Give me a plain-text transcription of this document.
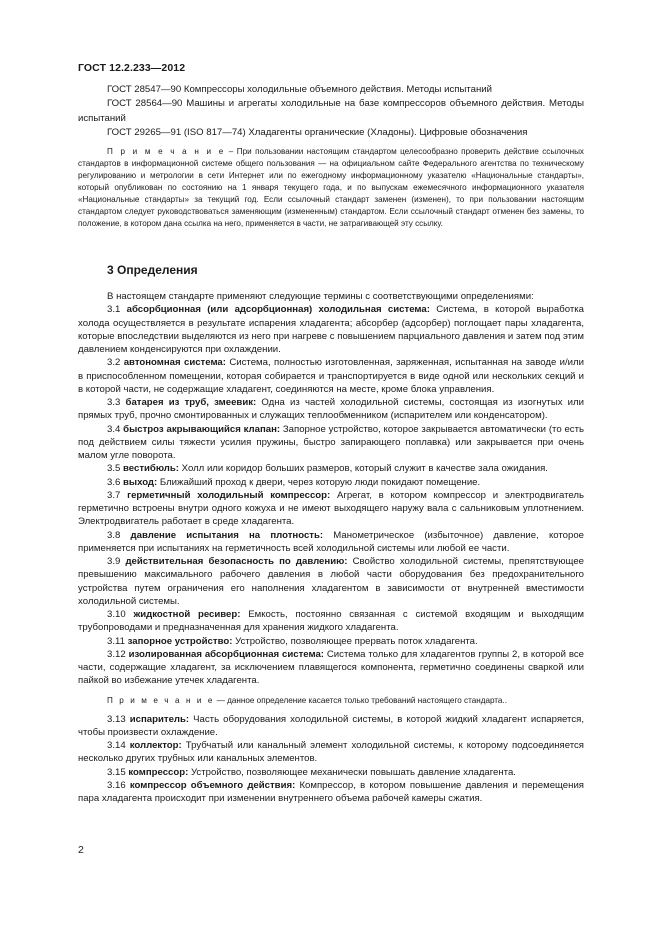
ГОСТ 12.2.233—2012

ГОСТ 28547—90 Компрессоры холодильные объемного действия. Методы испытаний

ГОСТ 28564—90 Машины и агрегаты холодильные на базе компрессоров объемного действия. Методы испытаний

ГОСТ 29265—91 (ISO 817—74) Хладагенты органические (Хладоны). Цифровые обозначения

П р и м е ч а н и е – При пользовании настоящим стандартом целесообразно проверить действие ссылочных стандартов в информационной системе общего пользования — на официальном сайте Федерального агентства по техническому регулированию и метрологии в сети Интернет или по ежегодному информационному указателю «Национальные стандарты», который опубликован по состоянию на 1 января текущего года, и по выпускам ежемесячного информационного указателя «Национальные стандарты» за текущий год. Если ссылочный стандарт заменен (изменен), то при пользовании настоящим стандартом следует руководствоваться заменяющим (измененным) стандартом. Если ссылочный стандарт отменен без замены, то положение, в котором дана ссылка на него, применяется в части, не затрагивающей эту ссылку.

3 Определения

В настоящем стандарте применяют следующие термины с соответствующими определениями:

3.1 абсорбционная (или адсорбционная) холодильная система: Система, в которой выработка холода осуществляется в результате испарения хладагента; абсорбер (адсорбер) поглощает пары хладагента, которые впоследствии выделяются из него при нагреве с повышением парциального давления и затем под этим давлением конденсируются при охлаждении.

3.2 автономная система: Система, полностью изготовленная, заряженная, испытанная на заводе и/или в приспособленном помещении, которая собирается и транспортируется в виде одной или нескольких секций и в которой части, не содержащие хладагент, соединяются на месте, кроме блока управления.

3.3 батарея из труб, змеевик: Одна из частей холодильной системы, состоящая из изогнутых или прямых труб, прочно смонтированных и служащих теплообменником (испарителем или конденсатором).

3.4 быстроз акрывающийся клапан: Запорное устройство, которое закрывается автоматически (то есть под действием силы тяжести усилия пружины, быстро запирающего поплавка) или закрывается при очень малом угле поворота.

3.5 вестибюль: Холл или коридор больших размеров, который служит в качестве зала ожидания.

3.6 выход: Ближайший проход к двери, через которую люди покидают помещение.

3.7 герметичный холодильный компрессор: Агрегат, в котором компрессор и электродвигатель герметично встроены внутри одного кожуха и не имеют выходящего наружу вала с сальниковым уплотнением. Электродвигатель работает в среде хладагента.

3.8 давление испытания на плотность: Манометрическое (избыточное) давление, которое применяется при испытаниях на герметичность всей холодильной системы или любой ее части.

3.9 действительная безопасность по давлению: Свойство холодильной системы, препятствующее превышению максимального рабочего давления в любой части оборудования без предохранительного устройства путем ограничения его наполнения хладагентом в зависимости от внутренней вместимости холодильной системы.

3.10 жидкостной ресивер: Емкость, постоянно связанная с системой входящим и выходящим трубопроводами и предназначенная для хранения жидкого хладагента.

3.11 запорное устройство: Устройство, позволяющее прервать поток хладагента.

3.12 изолированная абсорбционная система: Система только для хладагентов группы 2, в которой все части, содержащие хладагент, за исключением плавящегося компонента, герметично соединены сваркой или пайкой во избежание утечек хладагента.

П р и м е ч а н и е — данное определение касается только требований настоящего стандарта..

3.13 испаритель: Часть оборудования холодильной системы, в которой жидкий хладагент испаряется, чтобы произвести охлаждение.

3.14 коллектор: Трубчатый или канальный элемент холодильной системы, к которому подсоединяется несколько других трубных или канальных элементов.

3.15 компрессор: Устройство, позволяющее механически повышать давление хладагента.

3.16 компрессор объемного действия: Компрессор, в котором повышение давления и перемещения пара хладагента происходит при изменении внутреннего объема рабочей камеры сжатия.

2
